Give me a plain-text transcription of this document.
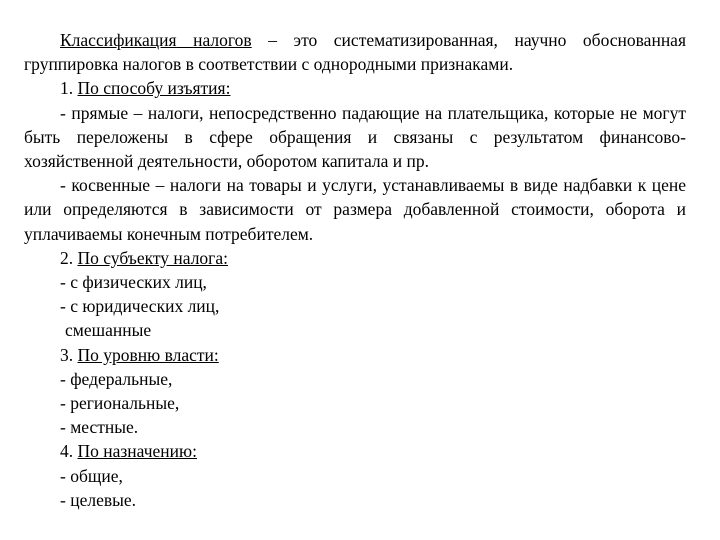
Классификация налогов – это систематизированная, научно обоснованная группировка налогов в соответствии с однородными признаками.

1. По способу изъятия:

- прямые – налоги, непосредственно падающие на плательщика, которые не могут быть переложены в сфере обращения и связаны с результатом финансово-хозяйственной деятельности, оборотом капитала и пр.

- косвенные – налоги на товары и услуги, устанавливаемы в виде надбавки к цене или определяются в зависимости от размера добавленной стоимости, оборота и уплачиваемы конечным потребителем.

2. По субъекту налога:

- с физических лиц,

- с юридических лиц,

смешанные

3. По уровню власти:

- федеральные,

- региональные,

- местные.

4. По назначению:

- общие,

- целевые.
